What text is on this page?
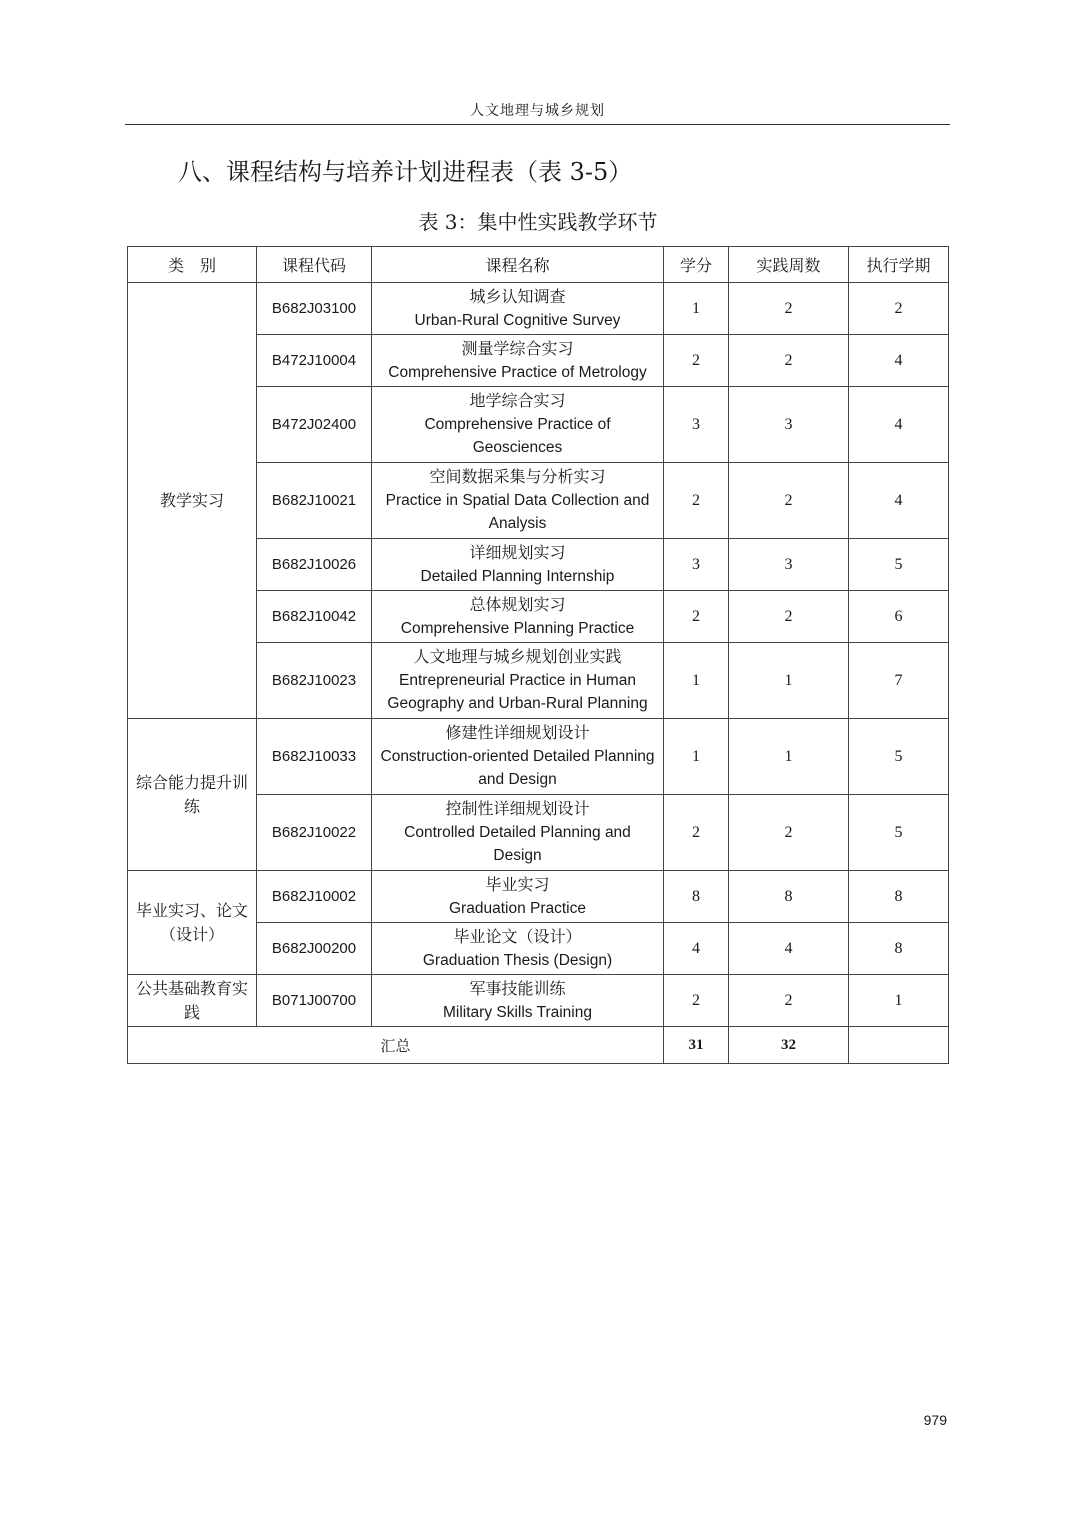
人文地理与城乡规划
八、课程结构与培养计划进程表（表 3-5）
表 3：集中性实践教学环节
类　别	课程代码	课程名称	学分	实践周数	执行学期
教学实习	B682J03100	城乡认知调查
Urban-Rural Cognitive Survey	1	2	2
	B472J10004	测量学综合实习
Comprehensive Practice of Metrology	2	2	4
	B472J02400	地学综合实习
Comprehensive Practice of Geosciences	3	3	4
	B682J10021	空间数据采集与分析实习
Practice in Spatial Data Collection and Analysis	2	2	4
	B682J10026	详细规划实习
Detailed Planning Internship	3	3	5
	B682J10042	总体规划实习
Comprehensive Planning Practice	2	2	6
	B682J10023	人文地理与城乡规划创业实践
Entrepreneurial Practice in Human Geography and Urban-Rural Planning	1	1	7
综合能力提升训练	B682J10033	修建性详细规划设计
Construction-oriented Detailed Planning and Design	1	1	5
	B682J10022	控制性详细规划设计
Controlled Detailed Planning and Design	2	2	5
毕业实习、论文（设计）	B682J10002	毕业实习
Graduation Practice	8	8	8
	B682J00200	毕业论文（设计）
Graduation Thesis (Design)	4	4	8
公共基础教育实践	B071J00700	军事技能训练
Military Skills Training	2	2	1
汇总			31	32	
979
